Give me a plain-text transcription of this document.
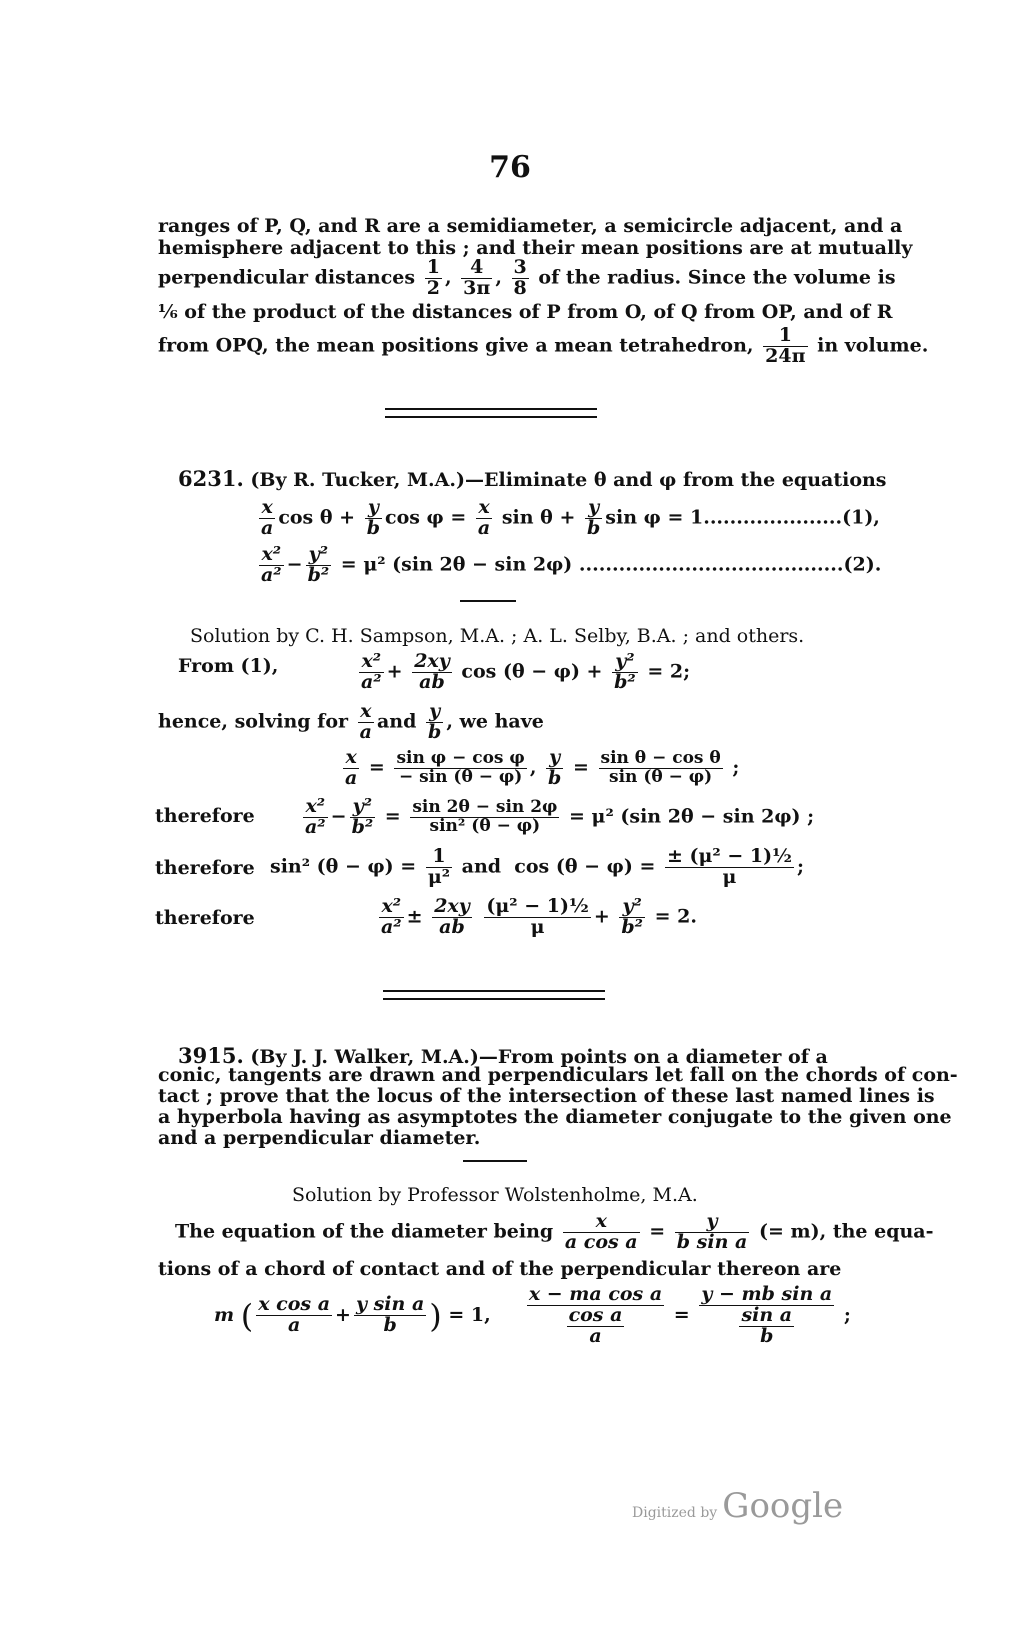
76
ranges of P, Q, and R are a semidiameter, a semicircle adjacent, and a
hemisphere adjacent to this ; and their mean positions are at mutually
perpendicular distances $\frac{1}{2}$ , $\frac{4}{3\pi}$ , $\frac{3}{8}$ of the radius. Since the volume is
⅙ of the product of the distances of P from O, of Q from OP, and of R
from OPQ, the mean positions give a mean tetrahedron, $\frac{1}{24\pi}$ in volume.
6231. (By R. Tucker, M.A.)—Eliminate θ and φ from the equations
$\frac{x}{a}$ $\cos \theta + \frac{y}{b}$ $\cos \varphi = \frac{x}{a}$ $\sin \theta + \frac{y}{b}$ sin φ = 1.....................(1),
$\frac{\text{x²}}{\text{a²}} - \frac{\text{y²}}{\text{b²}} = \mu^2$ (sin 2θ − sin 2φ) ........................................(2).
Solution by C. H. Sampson, M.A. ; A. L. Selby, B.A. ; and others.
From (1),	$\frac{\text{x²}}{\text{a²}} + \frac{2xy}{ab}$ $\cos (\theta - \varphi) + \frac{\text{y²}}{\text{b²}} = 2$;
hence, solving for $\frac{x}{a}$ and $\frac{y}{b}$ , we have
$\frac{x}{a} = \frac{\text{sin φ − cos φ}}{- \sin (\theta - \varphi)}$ , $\frac{y}{b} = \frac{\text{sin θ − cos θ}}{\sin (\theta - \varphi)}$ ;
therefore	$\frac{\text{x²}}{\text{a²}} - \frac{\text{y²}}{\text{b²}} = \frac{\sin 2\theta - \sin 2\varphi}{\text{sin² (θ − φ)}} = \mu^2$ (sin 2θ − sin 2φ) ;
therefore sin² $(\theta - \varphi) = \frac{1}{\text{μ²}}$ and  $\cos (\theta - \varphi) = \frac{\text{± (μ² − 1)½}}{\mu}$ ;
therefore	$\frac{\text{x²}}{\text{a²}} \pm \frac{2xy}{ab}$
$\frac{\text{(μ² − 1)½}}{\mu} + \frac{\text{y²}}{\text{b²}} = 2$.
3915. (By J. J. Walker, M.A.)—From points on a diameter of a
conic, tangents are drawn and perpendiculars let fall on the chords of con-
tact ; prove that the locus of the intersection of these last named lines is
a hyperbola having as asymptotes the diameter conjugate to the given one
and a perpendicular diameter.
Solution by Professor Wolstenholme, M.A.
The equation of the diameter being $\frac{x}{\text{a cos a}} = \frac{y}{\text{b sin a}}$ (= m), the equa-
tions of a chord of contact and of the perpendicular thereon are
m ( $\frac{\text{x cos a}}{a} + \frac{\text{y sin a}}{b}$ ) = 1, $\frac{\text{x − ma cos a}}{\frac{\text{cos a}}{a}} = \frac{\text{y − mb sin a}}{\frac{\text{sin a}}{b}}$ ;
Digitized by Google
